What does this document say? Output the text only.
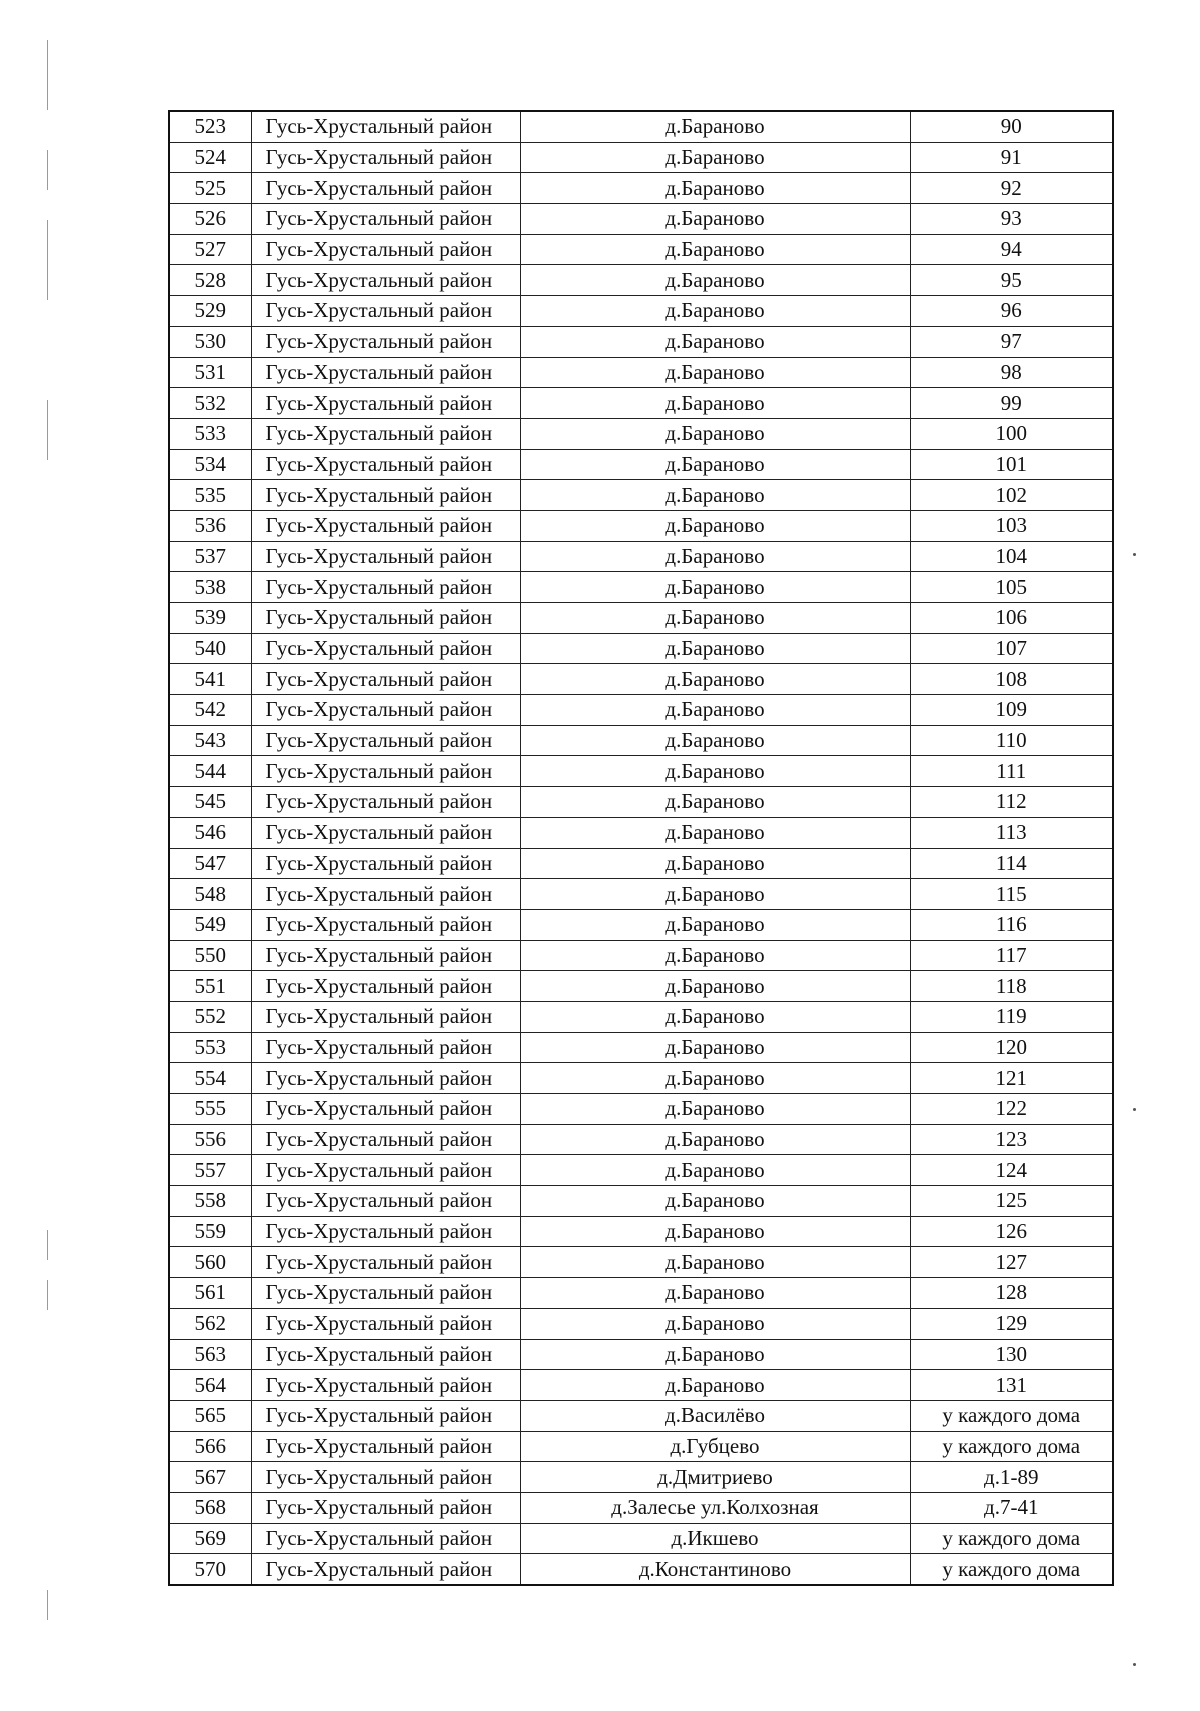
523	Гусь-Хрустальный район	д.Бараново	90
524	Гусь-Хрустальный район	д.Бараново	91
525	Гусь-Хрустальный район	д.Бараново	92
526	Гусь-Хрустальный район	д.Бараново	93
527	Гусь-Хрустальный район	д.Бараново	94
528	Гусь-Хрустальный район	д.Бараново	95
529	Гусь-Хрустальный район	д.Бараново	96
530	Гусь-Хрустальный район	д.Бараново	97
531	Гусь-Хрустальный район	д.Бараново	98
532	Гусь-Хрустальный район	д.Бараново	99
533	Гусь-Хрустальный район	д.Бараново	100
534	Гусь-Хрустальный район	д.Бараново	101
535	Гусь-Хрустальный район	д.Бараново	102
536	Гусь-Хрустальный район	д.Бараново	103
537	Гусь-Хрустальный район	д.Бараново	104
538	Гусь-Хрустальный район	д.Бараново	105
539	Гусь-Хрустальный район	д.Бараново	106
540	Гусь-Хрустальный район	д.Бараново	107
541	Гусь-Хрустальный район	д.Бараново	108
542	Гусь-Хрустальный район	д.Бараново	109
543	Гусь-Хрустальный район	д.Бараново	110
544	Гусь-Хрустальный район	д.Бараново	111
545	Гусь-Хрустальный район	д.Бараново	112
546	Гусь-Хрустальный район	д.Бараново	113
547	Гусь-Хрустальный район	д.Бараново	114
548	Гусь-Хрустальный район	д.Бараново	115
549	Гусь-Хрустальный район	д.Бараново	116
550	Гусь-Хрустальный район	д.Бараново	117
551	Гусь-Хрустальный район	д.Бараново	118
552	Гусь-Хрустальный район	д.Бараново	119
553	Гусь-Хрустальный район	д.Бараново	120
554	Гусь-Хрустальный район	д.Бараново	121
555	Гусь-Хрустальный район	д.Бараново	122
556	Гусь-Хрустальный район	д.Бараново	123
557	Гусь-Хрустальный район	д.Бараново	124
558	Гусь-Хрустальный район	д.Бараново	125
559	Гусь-Хрустальный район	д.Бараново	126
560	Гусь-Хрустальный район	д.Бараново	127
561	Гусь-Хрустальный район	д.Бараново	128
562	Гусь-Хрустальный район	д.Бараново	129
563	Гусь-Хрустальный район	д.Бараново	130
564	Гусь-Хрустальный район	д.Бараново	131
565	Гусь-Хрустальный район	д.Василёво	у каждого дома
566	Гусь-Хрустальный район	д.Губцево	у каждого дома
567	Гусь-Хрустальный район	д.Дмитриево	д.1-89
568	Гусь-Хрустальный район	д.Залесье ул.Колхозная	д.7-41
569	Гусь-Хрустальный район	д.Икшево	у каждого дома
570	Гусь-Хрустальный район	д.Константиново	у каждого дома
